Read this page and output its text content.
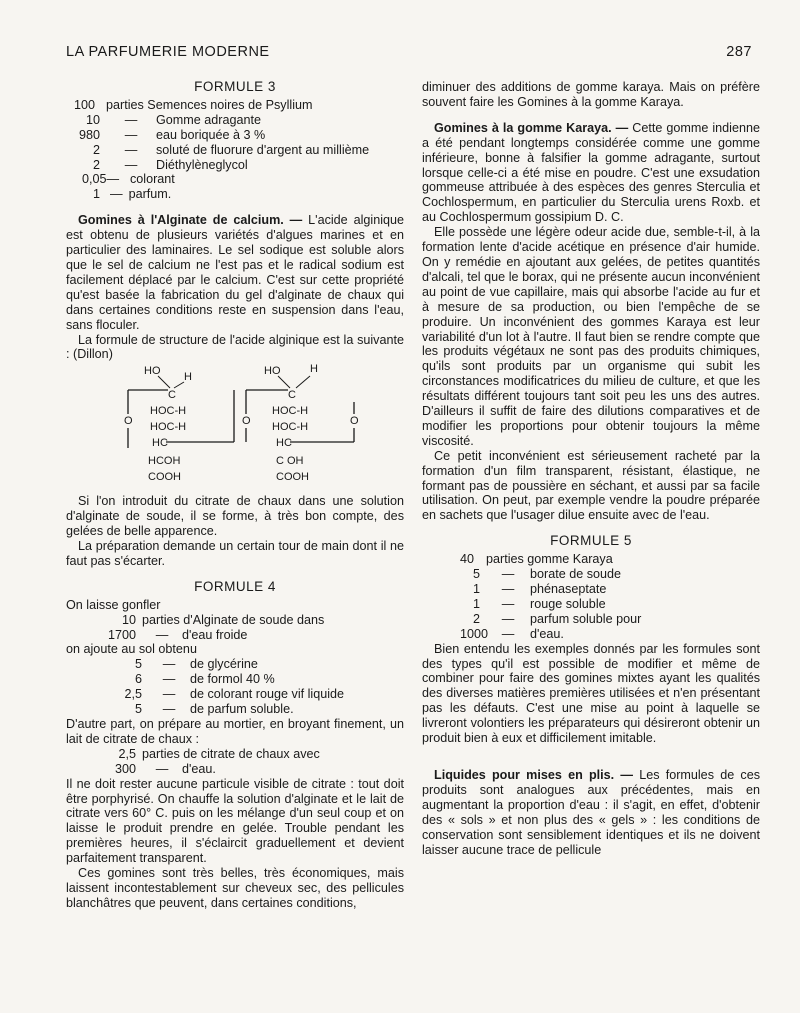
LA PARFUMERIE MODERNE	287
FORMULE 3
100 parties Semences noires de Psyllium
10	—	Gomme adragante
980	—	eau boriquée à 3 %
2	—	soluté de fluorure d'argent au millième
2	—	Diéthylèneglycol
0,05— colorant
1 — parfum.

Gomines à l'Alginate de calcium. — L'acide alginique est obtenu de plusieurs variétés d'algues marines et en particulier des laminaires. Le sel sodique est soluble alors que le sel de calcium ne l'est pas et le radical sodium est facilement déplacé par le calcium. C'est sur cette propriété qu'est basée la fabrication du gel d'alginate de chaux qui dans certaines conditions reste en suspension dans l'eau, sans floculer.

La formule de structure de l'acide alginique est la suivante : (Dillon)

HO H
C
O
HOC-H
HOC-H
HC
HCOH
COOH
HO	H
C
O	O
HOC-H
HOC-H
HC
C OH
COOH

Si l'on introduit du citrate de chaux dans une solution d'alginate de soude, il se forme, à très bon compte, des gelées de belle apparence.

La préparation demande un certain tour de main dont il ne faut pas s'écarter.

FORMULE 4

On laisse gonfler

10 parties d'Alginate de soude dans
1700	—	d'eau froide

on ajoute au sol obtenu

5	—	de glycérine
6	—	de formol 40 %
2,5	—	de colorant rouge vif liquide
5	—	de parfum soluble.

D'autre part, on prépare au mortier, en broyant finement, un lait de citrate de chaux :

2,5 parties de citrate de chaux avec
300	—	d'eau.

Il ne doit rester aucune particule visible de citrate : tout doit être porphyrisé. On chauffe la solution d'alginate et le lait de citrate vers 60° C. puis on les mélange d'un seul coup et on laisse le produit prendre en gelée. Trouble pendant les premières heures, il s'éclaircit graduellement et devient parfaitement transparent.

Ces gomines sont très belles, très économiques, mais laissent incontestablement sur cheveux sec, des pellicules blanchâtres que peuvent, dans certaines conditions,

diminuer des additions de gomme karaya. Mais on préfère souvent faire les Gomines à la gomme Karaya.

Gomines à la gomme Karaya. — Cette gomme indienne a été pendant longtemps considérée comme une gomme inférieure, bonne à falsifier la gomme adragante, surtout lorsque celle-ci a été mise en poudre. C'est une exsudation gommeuse attribuée à des espèces des genres Sterculia et Cochlospermum, en particulier du Sterculia urens Roxb. et au Cochlospermum gossipium D. C.

Elle possède une légère odeur acide due, semble-t-il, à la formation lente d'acide acétique en présence d'air humide. On y remédie en ajoutant aux gelées, de petites quantités d'alcali, tel que le borax, qui ne présente aucun inconvénient au point de vue capillaire, mais qui absorbe l'acide au fur et à mesure de sa production, ou bien l'empêche de se produire. Un inconvénient des gommes Karaya est leur variabilité d'un lot à l'autre. Il faut bien se rendre compte que les produits végétaux ne sont pas des produits chimiques, qu'ils sont produits par un organisme qui subit les circonstances modificatrices du milieu de culture, et que les résultats différent toujours tant soit peu les uns des autres. D'ailleurs il suffit de faire des dilutions comparatives et de modifier les proportions pour obtenir toujours la même viscosité.

Ce petit inconvénient est sérieusement racheté par la formation d'un film transparent, résistant, élastique, ne formant pas de poussière en séchant, et aussi par sa facile utilisation. On peut, par exemple vendre la poudre préparée en sachets que l'usager dilue ensuite avec de l'eau.

FORMULE 5
40 parties gomme Karaya
5	—	borate de soude
1	—	phénaseptate
1	—	rouge soluble
2	—	parfum soluble pour
1000	—	d'eau.

Bien entendu les exemples donnés par les formules sont des types qu'il est possible de modifier et même de combiner pour faire des gomines mixtes ayant les qualités des diverses matières premières utilisées et n'en présentant pas les défauts. C'est une mise au point à laquelle se livreront volontiers les préparateurs qui désireront obtenir un produit bien à eux et difficilement imitable.

Liquides pour mises en plis. — Les formules de ces produits sont analogues aux précédentes, mais en augmentant la proportion d'eau : il s'agit, en effet, d'obtenir des « sols » et non plus des « gels » : les conditions de conservation sont sensiblement identiques et ils ne doivent laisser aucune trace de pellicule
